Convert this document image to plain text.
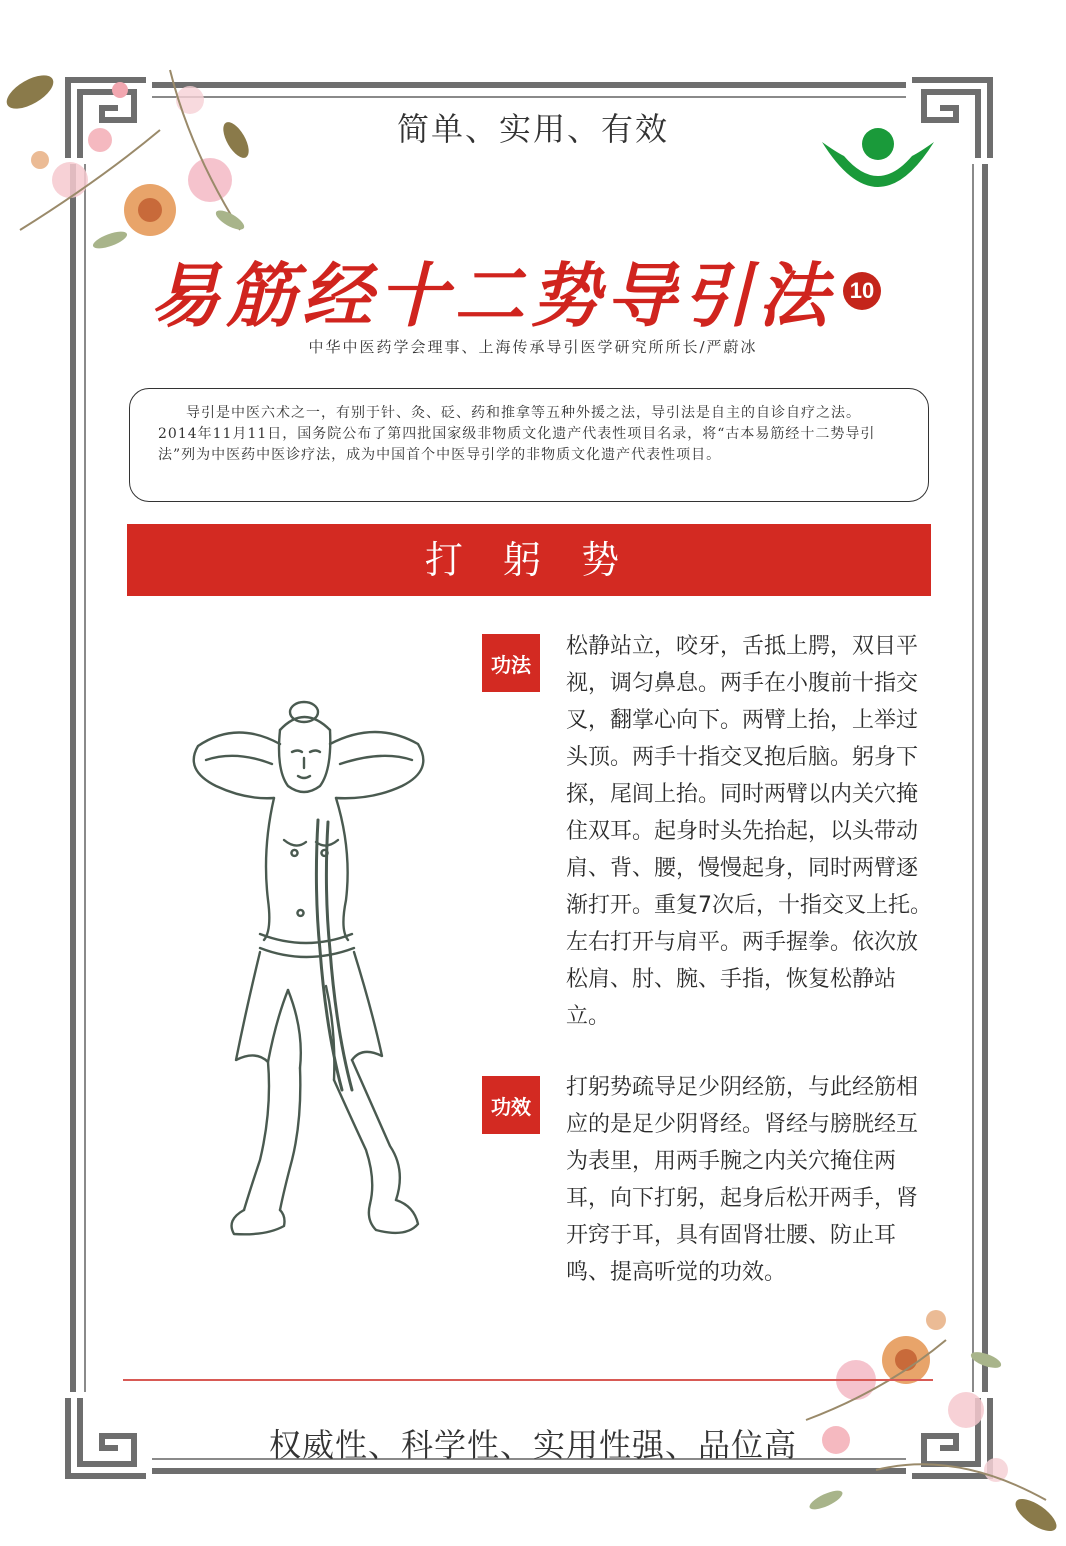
简单、实用、有效
易筋经十二势导引法 10
中华中医药学会理事、上海传承导引医学研究所所长/严蔚冰

导引是中医六术之一，有别于针、灸、砭、药和推拿等五种外援之法，导引法是自主的自诊自疗之法。2014年11月11日，国务院公布了第四批国家级非物质文化遗产代表性项目名录，将“古本易筋经十二势导引法”列为中医药中医诊疗法，成为中国首个中医导引学的非物质文化遗产代表性项目。

打 躬 势
功法

松静站立，咬牙，舌抵上腭，双目平视，调匀鼻息。两手在小腹前十指交叉，翻掌心向下。两臂上抬，上举过头顶。两手十指交叉抱后脑。躬身下探，尾闾上抬。同时两臂以内关穴掩住双耳。起身时头先抬起，以头带动肩、背、腰，慢慢起身，同时两臂逐渐打开。重复7次后，十指交叉上托。左右打开与肩平。两手握拳。依次放松肩、肘、腕、手指，恢复松静站立。

功效

打躬势疏导足少阴经筋，与此经筋相应的是足少阴肾经。肾经与膀胱经互为表里，用两手腕之内关穴掩住两耳，向下打躬，起身后松开两手，肾开窍于耳，具有固肾壮腰、防止耳鸣、提高听觉的功效。

权威性、科学性、实用性强、品位高
